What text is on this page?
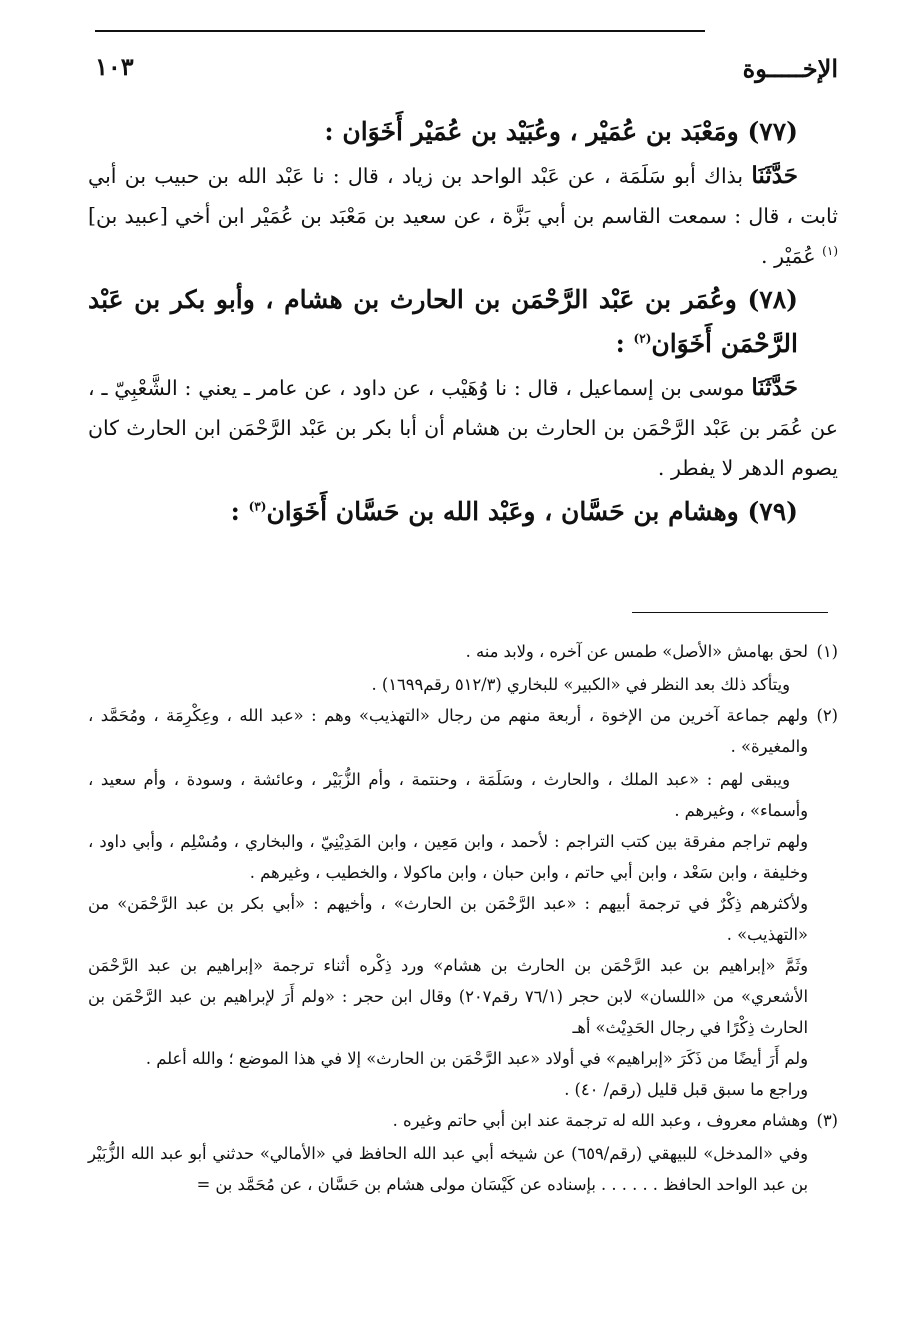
الإخـــــوة
١٠٣
(٧٧) ومَعْبَد بن عُمَيْر ، وعُبَيْد بن عُمَيْر أَخَوَان :

حَدَّثَنَا بذاك أبو سَلَمَة ، عن عَبْد الواحد بن زياد ، قال : نا عَبْد الله بن حبيب بن أبي ثابت ، قال : سمعت القاسم بن أبي بَزَّة ، عن سعيد بن مَعْبَد بن عُمَيْر ابن أخي [عبيد بن]$^{(١)}$ عُمَيْر .

(٧٨) وعُمَر بن عَبْد الرَّحْمَن بن الحارث بن هشام ، وأبو بكر بن عَبْد الرَّحْمَن أَخَوَان$^{(٢)}$ :

حَدَّثَنَا موسى بن إسماعيل ، قال : نا وُهَيْب ، عن داود ، عن عامر ـ يعني : الشَّعْبِيّ ـ ، عن عُمَر بن عَبْد الرَّحْمَن بن الحارث بن هشام أن أبا بكر بن عَبْد الرَّحْمَن ابن الحارث كان يصوم الدهر لا يفطر .

(٧٩) وهشام بن حَسَّان ، وعَبْد الله بن حَسَّان أَخَوَان$^{(٣)}$ :

(١)لحق بهامش «الأصل» طمس عن آخره ، ولابد منه .

ويتأكد ذلك بعد النظر في «الكبير» للبخاري (٥١٢/٣ رقم١٦٩٩) .

(٢)ولهم جماعة آخرين من الإخوة ، أربعة منهم من رجال «التهذيب» وهم : «عبد الله ، وعِكْرِمَة ، ومُحَمَّد ، والمغيرة» .

ويبقى لهم : «عبد الملك ، والحارث ، وسَلَمَة ، وحنتمة ، وأم الزُّبَيْر ، وعائشة ، وسودة ، وأم سعيد ، وأسماء» ، وغيرهم .

ولهم تراجم مفرقة بين كتب التراجم : لأحمد ، وابن مَعِين ، وابن المَدِيْنِيّ ، والبخاري ، ومُسْلِم ، وأبي داود ، وخليفة ، وابن سَعْد ، وابن أبي حاتم ، وابن حبان ، وابن ماكولا ، والخطيب ، وغيرهم .

ولأكثرهم ذِكْرٌ في ترجمة أبيهم : «عبد الرَّحْمَن بن الحارث» ، وأخيهم : «أبي بكر بن عبد الرَّحْمَن» من «التهذيب» .

وثَمَّ «إبراهيم بن عبد الرَّحْمَن بن الحارث بن هشام» ورد ذِكْره أثناء ترجمة «إبراهيم بن عبد الرَّحْمَن الأشعري» من «اللسان» لابن حجر (٧٦/١ رقم٢٠٧) وقال ابن حجر : «ولم أَرَ لإبراهيم بن عبد الرَّحْمَن بن الحارث ذِكْرًا في رجال الحَدِيْث» أهـ

ولم أَرَ أيضًا من ذَكَرَ «إبراهيم» في أولاد «عبد الرَّحْمَن بن الحارث» إلا في هذا الموضع ؛ والله أعلم .

وراجع ما سبق قبل قليل (رقم/ ٤٠) .

(٣)وهشام معروف ، وعبد الله له ترجمة عند ابن أبي حاتم وغيره .

وفي «المدخل» للبيهقي (رقم/٦٥٩) عن شيخه أبي عبد الله الحافظ في «الأمالي» حدثني أبو عبد الله الزُّبَيْر بن عبد الواحد الحافظ . . . . . . بإسناده عن كَيْسَان مولى هشام بن حَسَّان ، عن مُحَمَّد بن =
